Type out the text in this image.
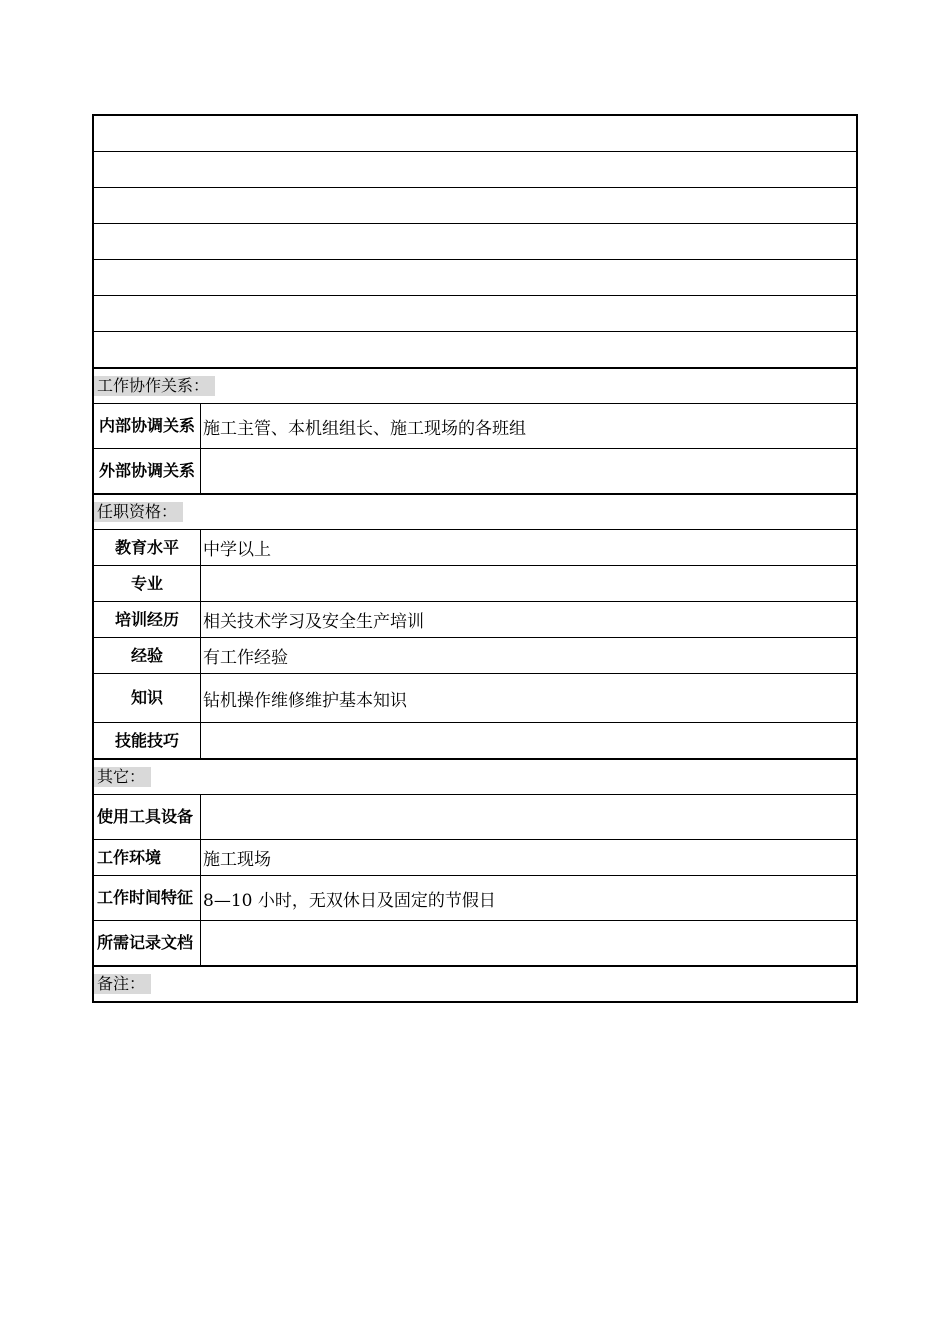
工作协作关系：
内部协调关系 施工主管、本机组组长、施工现场的各班组
外部协调关系
任职资格：
教育水平	中学以上
专业
培训经历	相关技术学习及安全生产培训
经验	有工作经验
知识	钻机操作维修维护基本知识
技能技巧
其它：
使用工具设备
工作环境	施工现场
工作时间特征 8—10 小时，无双休日及固定的节假日
所需记录文档
备注：
